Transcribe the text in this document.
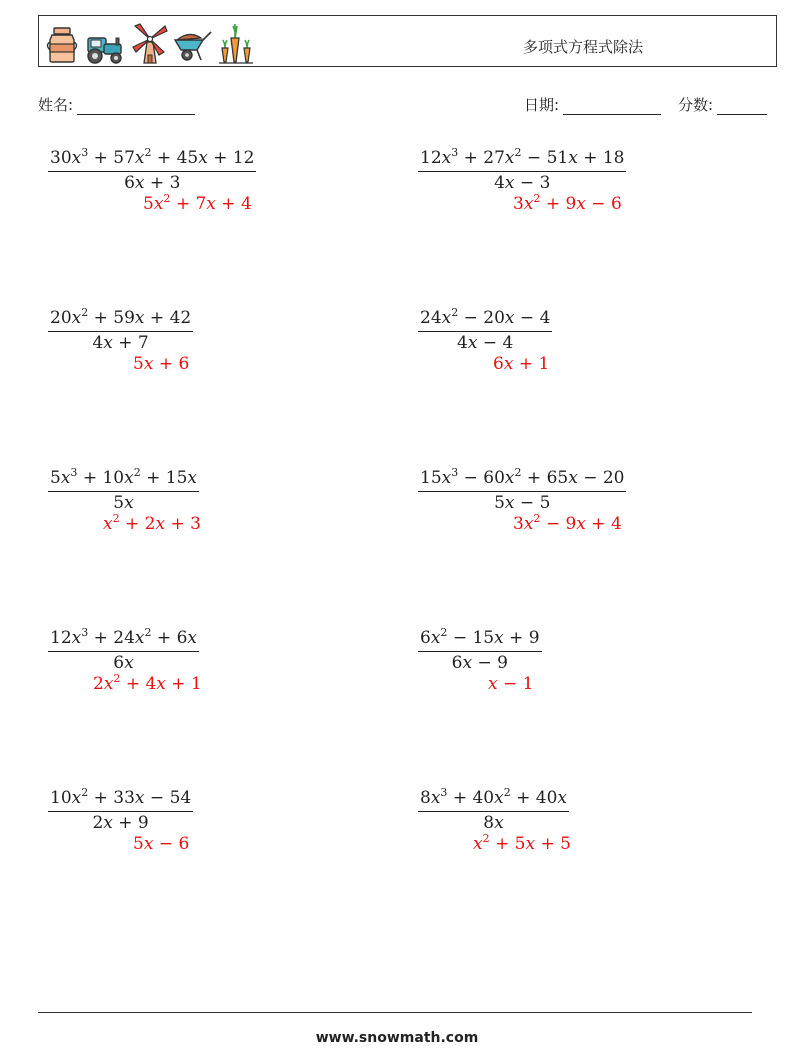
多项式方程式除法
姓名:	日期:	分数:
$\frac{30x^3 + 57x^2 + 45x + 12}{6x + 3}$
$5x^2 + 7x + 4$
$\frac{12x^3 + 27x^2 - 51x + 18}{4x - 3}$
$3x^2 + 9x - 6$
$\frac{20x^2 + 59x + 42}{4x + 7}$
5x + 6
$\frac{24x^2 - 20x - 4}{4x - 4}$
6x + 1
$\frac{5x^3 + 10x^2 + 15x}{5x}$
$x^2 + 2x + 3$
$\frac{15x^3 - 60x^2 + 65x - 20}{5x - 5}$
$3x^2 - 9x + 4$
$\frac{12x^3 + 24x^2 + 6x}{6x}$
$2x^2 + 4x + 1$
$\frac{6x^2 - 15x + 9}{6x - 9}$
x − 1
$\frac{10x^2 + 33x - 54}{2x + 9}$
5x − 6
$\frac{8x^3 + 40x^2 + 40x}{8x}$
$x^2 + 5x + 5$
www.snowmath.com
